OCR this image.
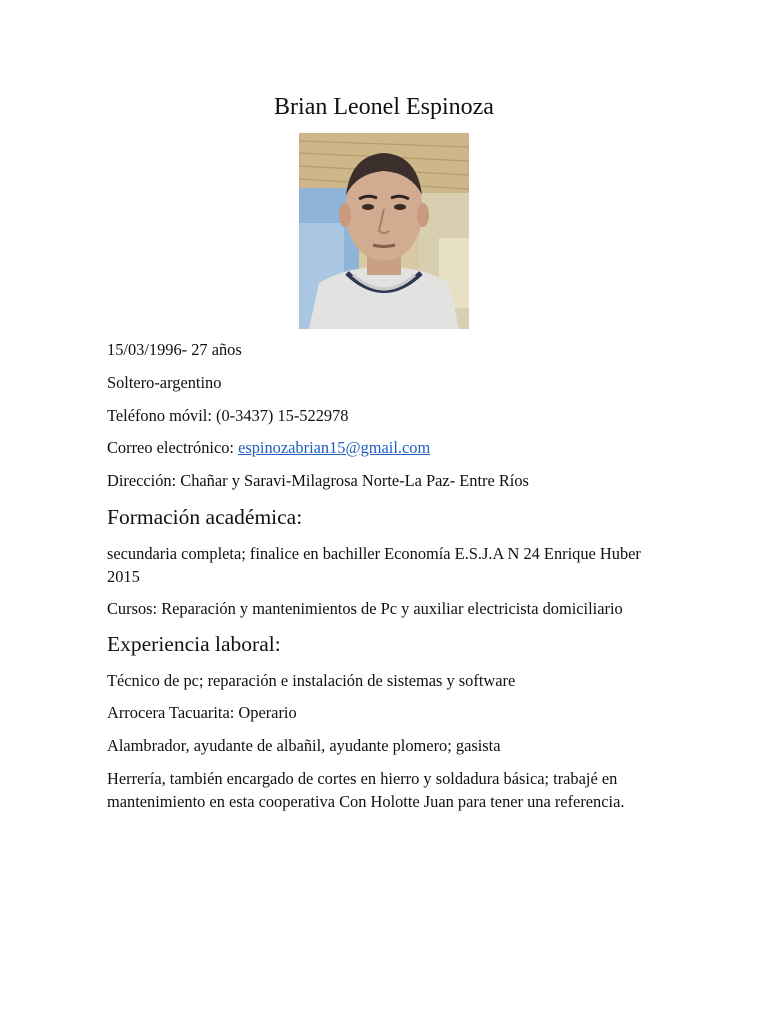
Brian Leonel Espinoza
15/03/1996- 27 años
Soltero-argentino
Teléfono móvil: (0-3437) 15-522978
Correo electrónico: espinozabrian15@gmail.com
Dirección: Chañar y Saravi-Milagrosa Norte-La Paz- Entre Ríos
Formación académica:
secundaria completa; finalice en bachiller Economía E.S.J.A N 24 Enrique Huber 2015
Cursos: Reparación y mantenimientos de Pc y auxiliar electricista domiciliario
Experiencia laboral:
Técnico de pc; reparación e instalación de sistemas y software
Arrocera Tacuarita: Operario
Alambrador, ayudante de albañil, ayudante plomero; gasista
Herrería, también encargado de cortes en hierro y soldadura básica; trabajé en mantenimiento en esta cooperativa Con Holotte Juan para tener una referencia.
